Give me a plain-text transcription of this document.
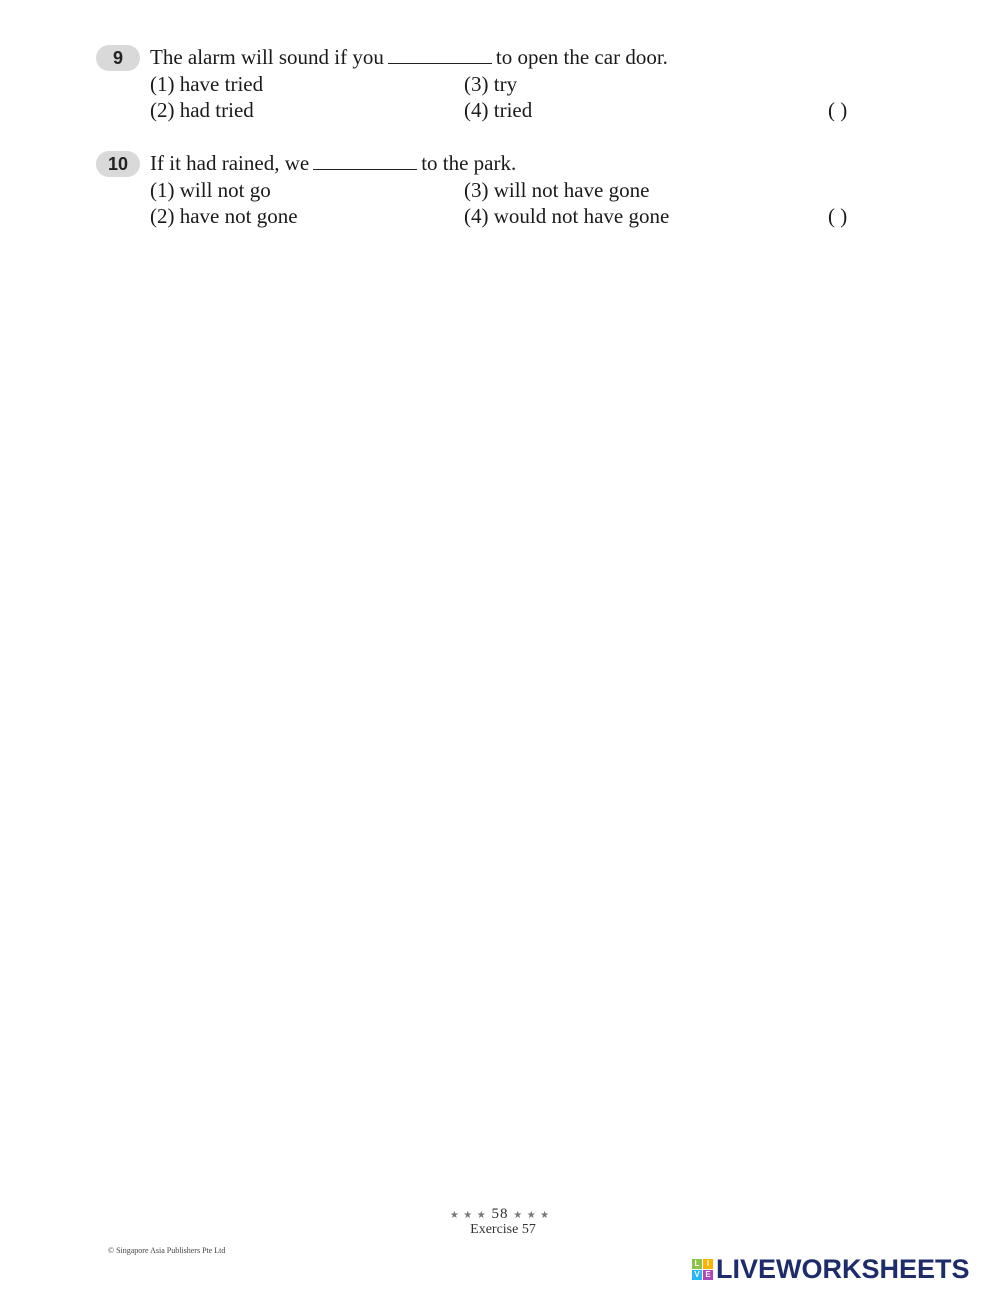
9	The alarm will sound if you	to open the car door.
(1) have tried
(2) had tried
(3) try
(4) tried	( )
10	If it had rained, we	to the park.
(1) will not go
(2) have not gone
(3) will not have gone
(4) would not have gone	( )
★ ★ ★ 58 ★ ★ ★
Exercise 57
© Singapore Asia Publishers Pte Ltd
L I
V E LIVEWORKSHEETS
